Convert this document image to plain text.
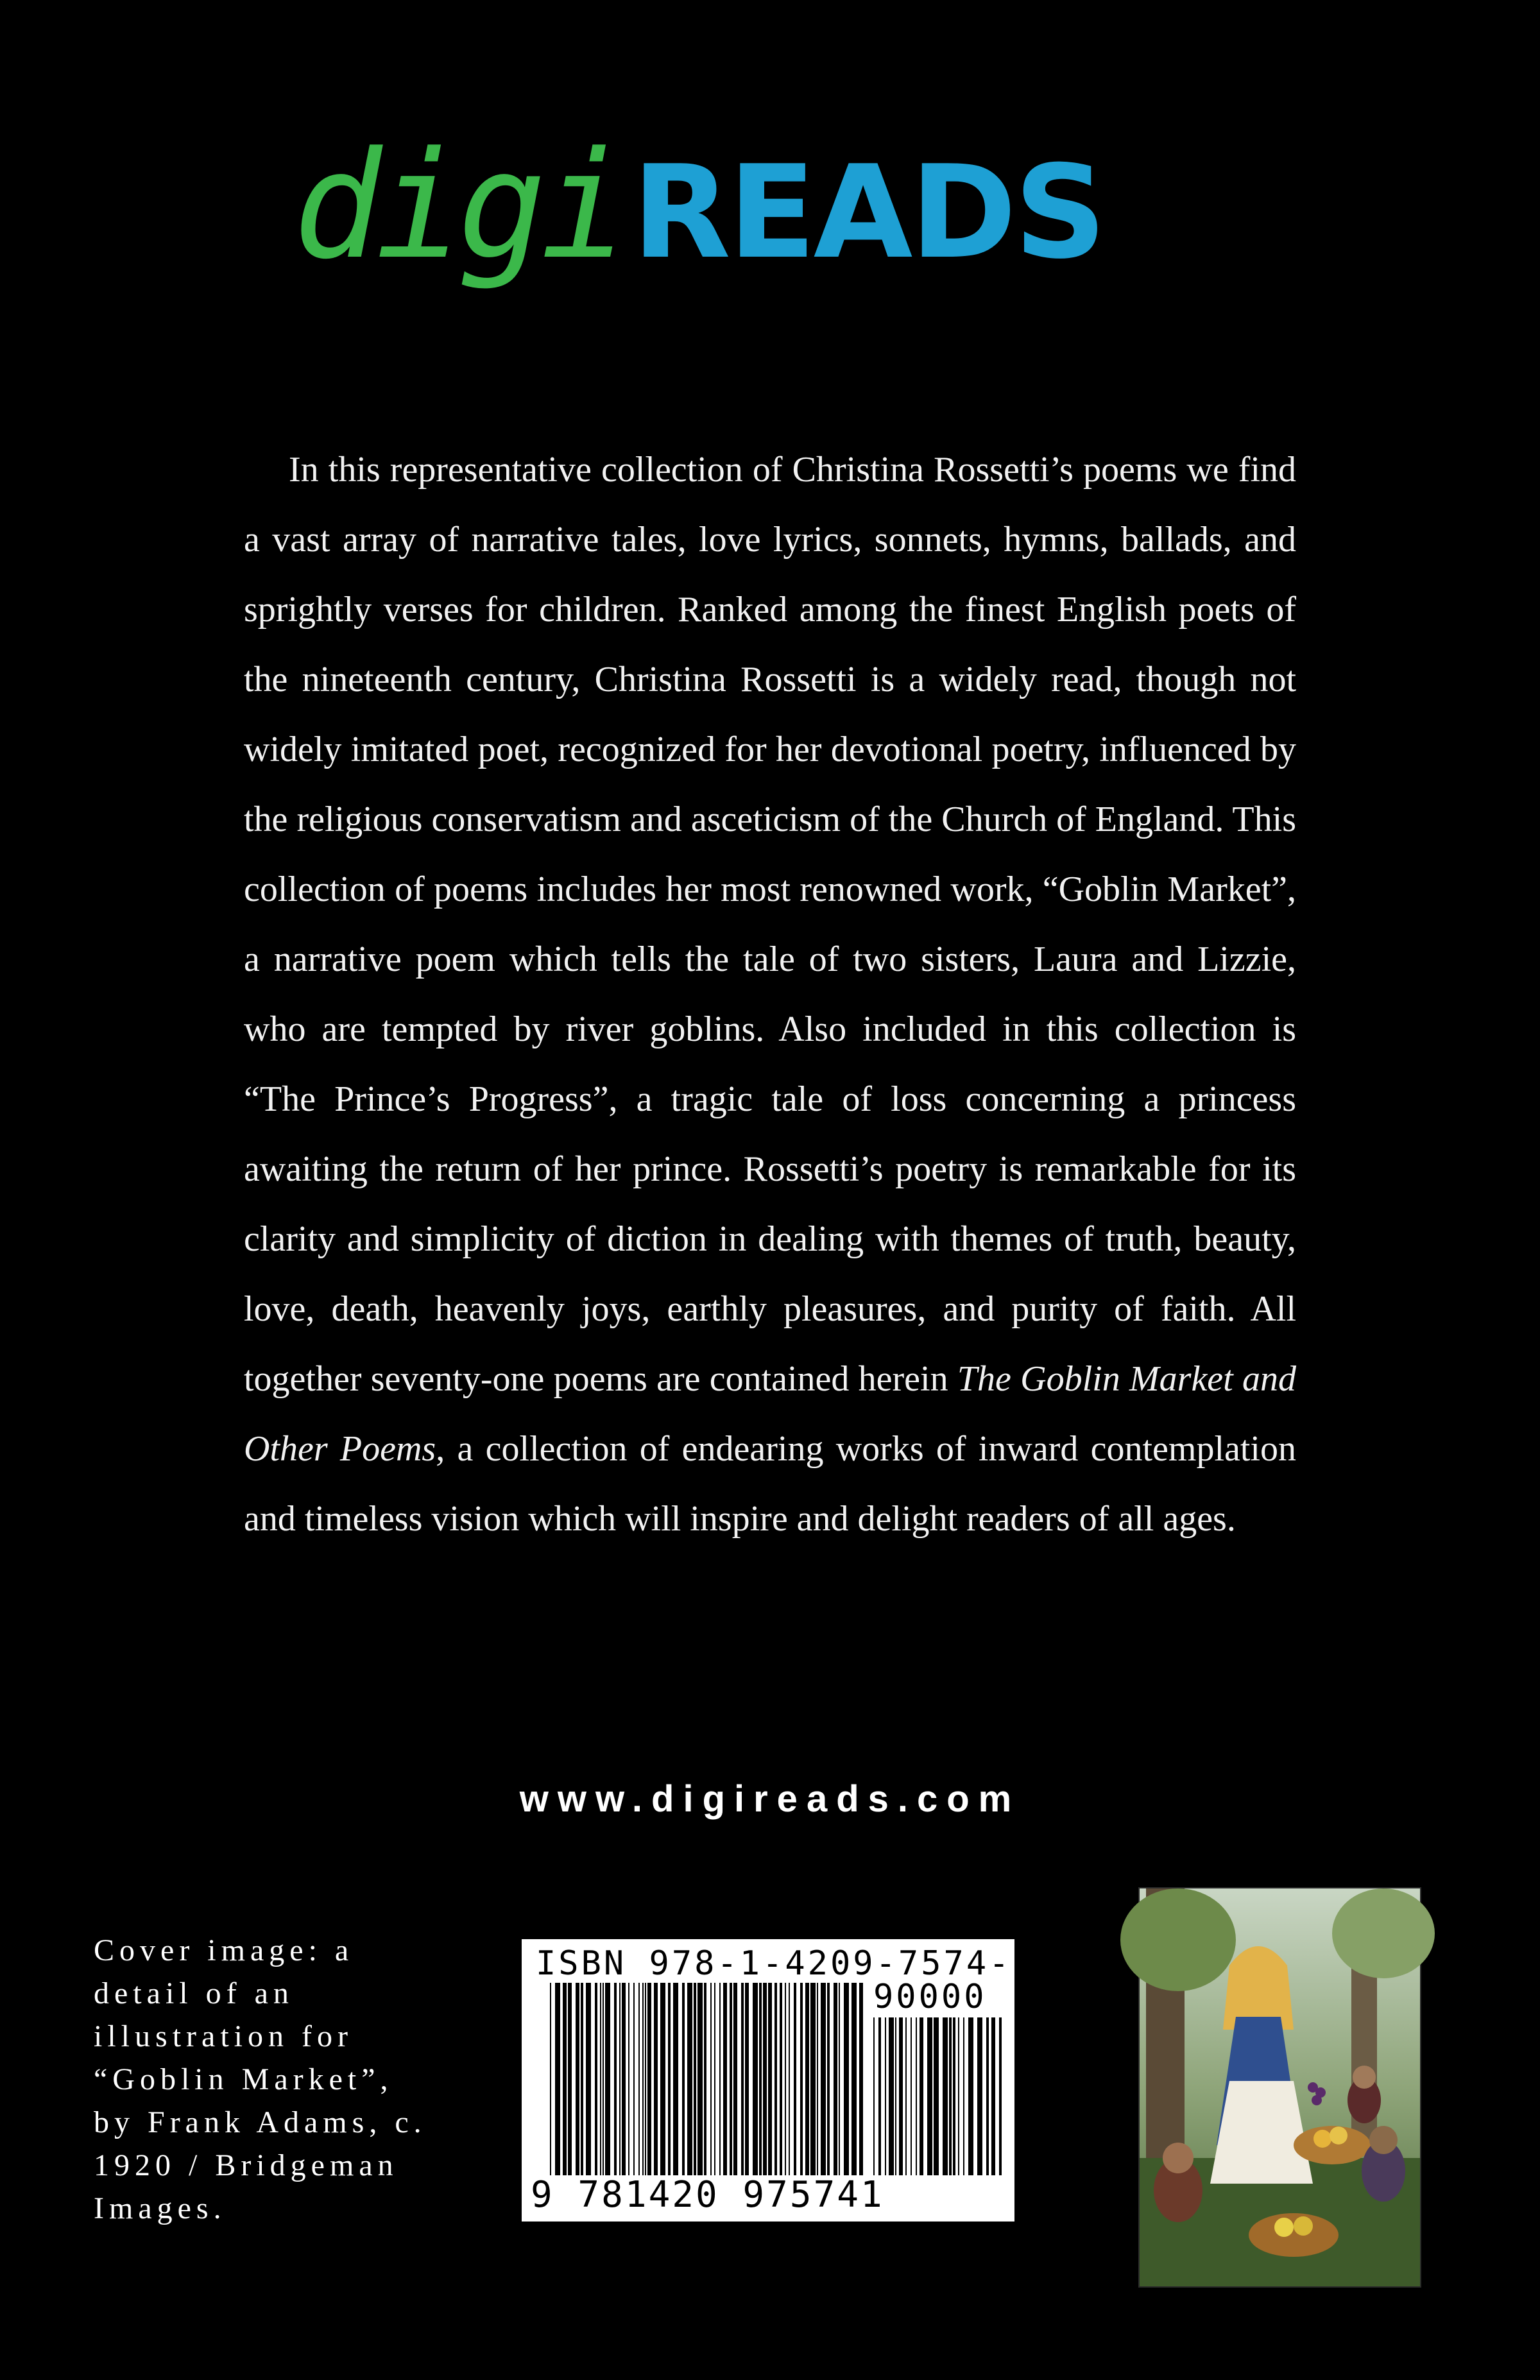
digi READS
In this representative collection of Christina Rossetti’s poems we find a vast array of narrative tales, love lyrics, sonnets, hymns, ballads, and sprightly verses for children. Ranked among the finest English poets of the nineteenth century, Christina Rossetti is a widely read, though not widely imitated poet, recognized for her devotional poetry, influenced by the religious conservatism and asceticism of the Church of England. This collection of poems includes her most renowned work, “Goblin Market”, a narrative poem which tells the tale of two sisters, Laura and Lizzie, who are tempted by river goblins. Also included in this collection is “The Prince’s Progress”, a tragic tale of loss concerning a princess awaiting the return of her prince. Rossetti’s poetry is remarkable for its clarity and simplicity of diction in dealing with themes of truth, beauty, love, death, heavenly joys, earthly pleasures, and purity of faith. All together seventy-one poems are contained herein The Goblin Market and Other Poems, a collection of endearing works of inward contemplation and timeless vision which will inspire and delight readers of all ages.
www.digireads.com
Cover image: a
detail of an
illustration for
“Goblin Market”,
by Frank Adams, c.
1920 / Bridgeman
Images.
ISBN 978-1-4209-7574-1
90000
9 781420 975741
